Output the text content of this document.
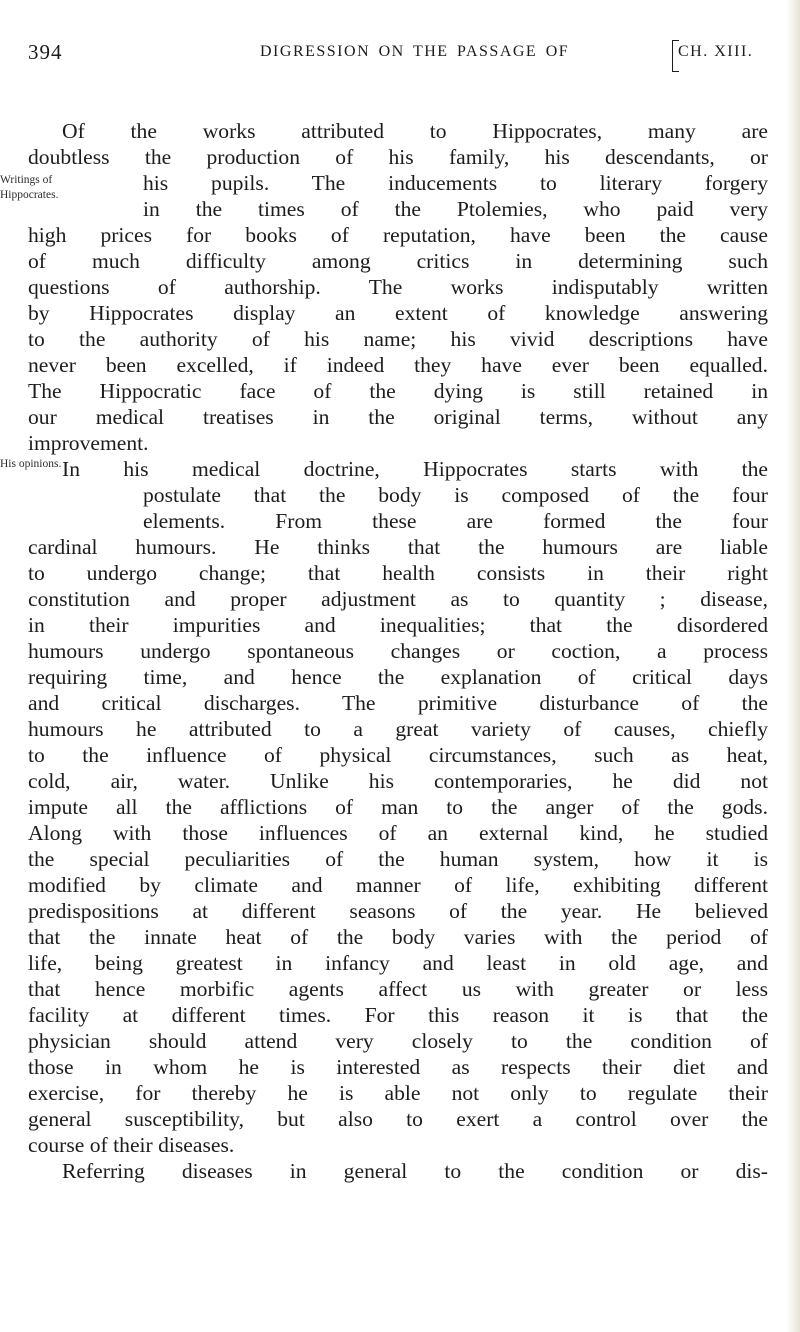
394	DIGRESSION ON THE PASSAGE OF	CH. XIII.
Writings of
Hippocrates.
His opinions.
Of the works attributed to Hippocrates, many are
doubtless the production of his family, his descendants, or
his pupils. The inducements to literary forgery
in the times of the Ptolemies, who paid very
high prices for books of reputation, have been the cause
of much difficulty among critics in determining such
questions of authorship. The works indisputably written
by Hippocrates display an extent of knowledge answering
to the authority of his name; his vivid descriptions have
never been excelled, if indeed they have ever been equalled.
The Hippocratic face of the dying is still retained in
our medical treatises in the original terms, without any
improvement.
In his medical doctrine, Hippocrates starts with the
postulate that the body is composed of the four
elements. From these are formed the four
cardinal humours. He thinks that the humours are liable
to undergo change; that health consists in their right
constitution and proper adjustment as to quantity ; disease,
in their impurities and inequalities; that the disordered
humours undergo spontaneous changes or coction, a process
requiring time, and hence the explanation of critical days
and critical discharges. The primitive disturbance of the
humours he attributed to a great variety of causes, chiefly
to the influence of physical circumstances, such as heat,
cold, air, water. Unlike his contemporaries, he did not
impute all the afflictions of man to the anger of the gods.
Along with those influences of an external kind, he studied
the special peculiarities of the human system, how it is
modified by climate and manner of life, exhibiting different
predispositions at different seasons of the year. He believed
that the innate heat of the body varies with the period of
life, being greatest in infancy and least in old age, and
that hence morbific agents affect us with greater or less
facility at different times. For this reason it is that the
physician should attend very closely to the condition of
those in whom he is interested as respects their diet and
exercise, for thereby he is able not only to regulate their
general susceptibility, but also to exert a control over the
course of their diseases.
Referring diseases in general to the condition or dis-
